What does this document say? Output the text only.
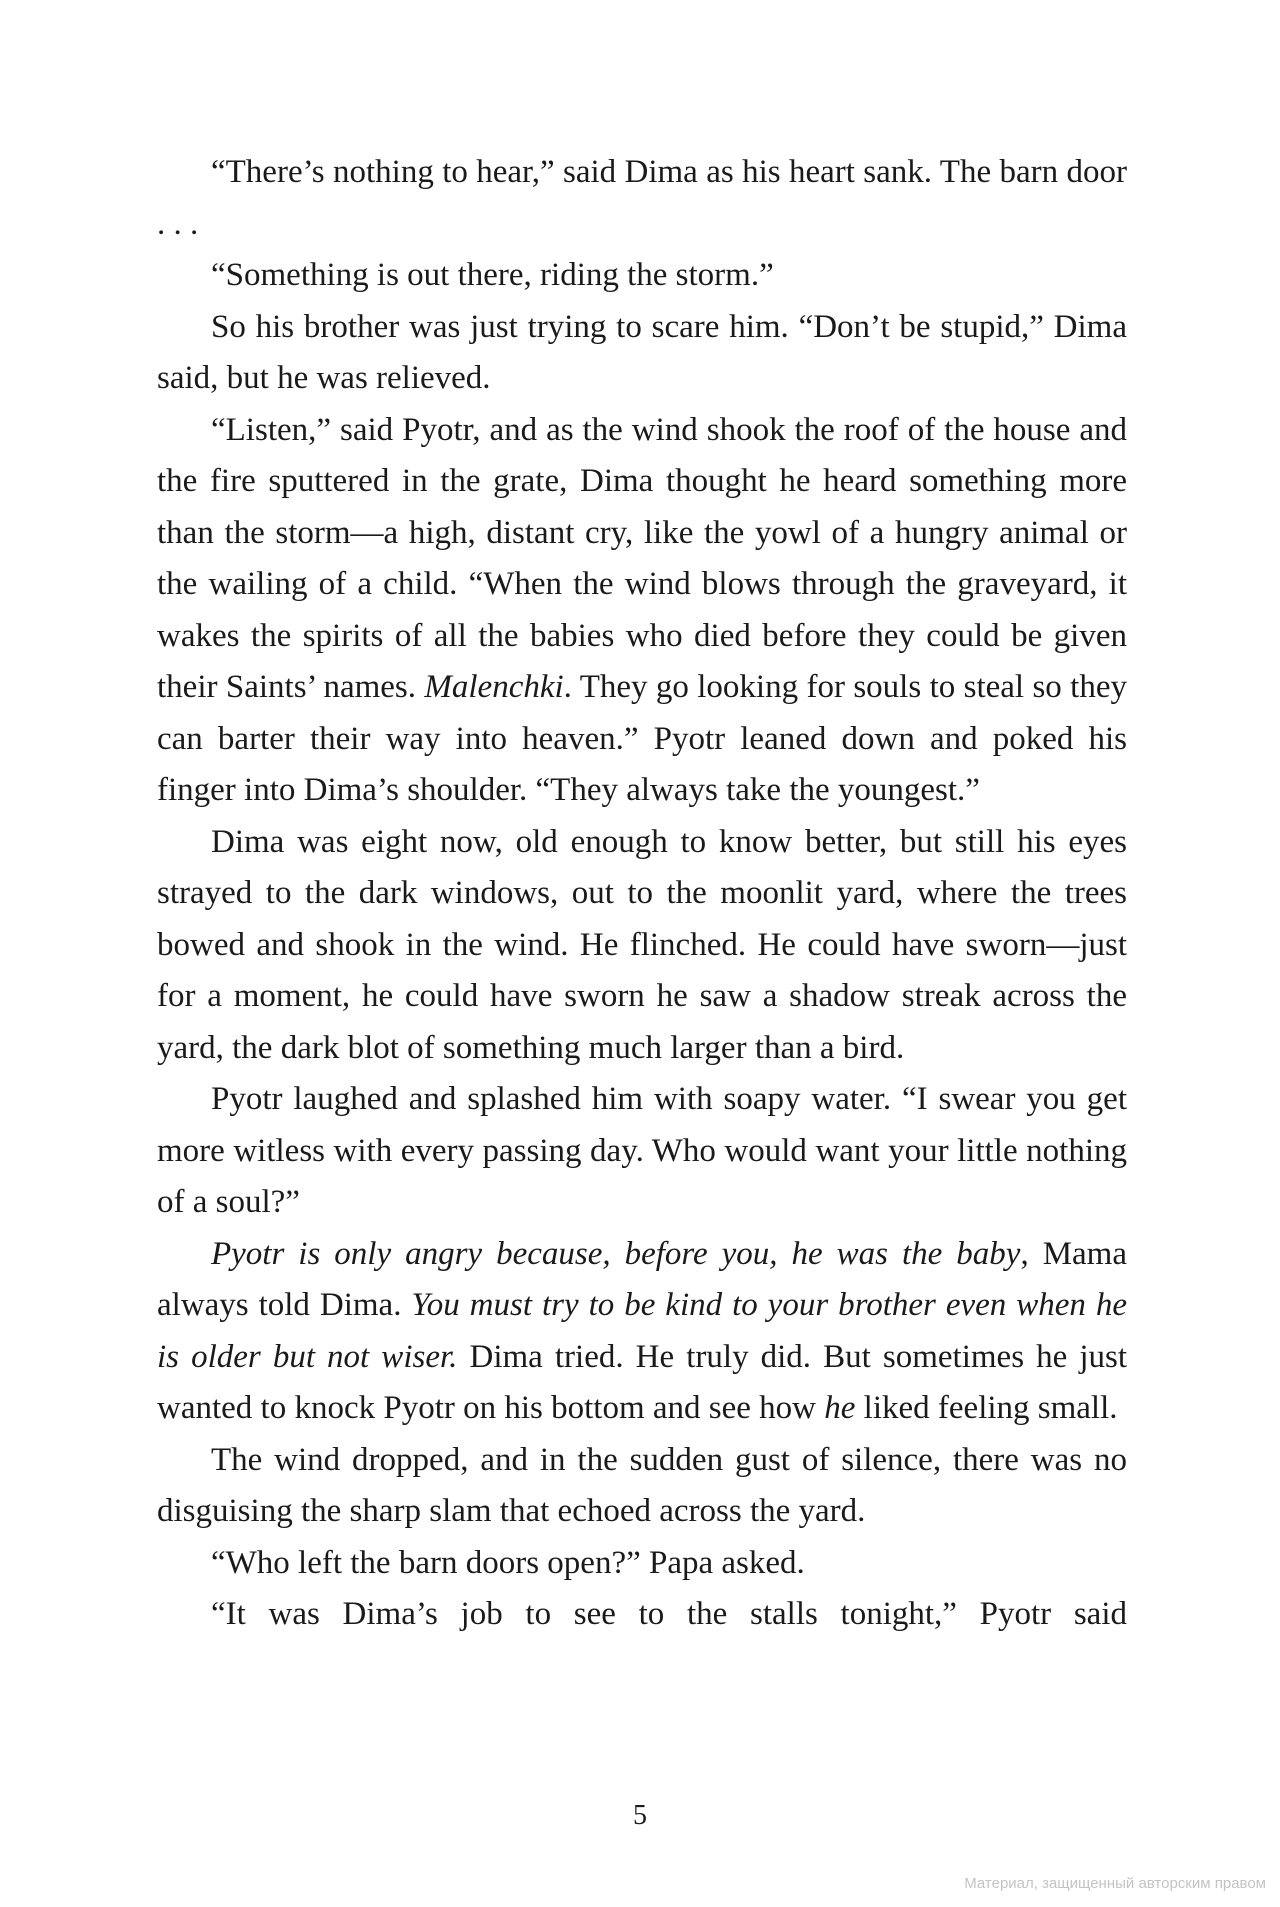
“There’s nothing to hear,” said Dima as his heart sank. The barn door . . .

“Something is out there, riding the storm.”

So his brother was just trying to scare him. “Don’t be stupid,” Dima said, but he was relieved.

“Listen,” said Pyotr, and as the wind shook the roof of the house and the fire sputtered in the grate, Dima thought he heard something more than the storm—a high, distant cry, like the yowl of a hungry animal or the wailing of a child. “When the wind blows through the graveyard, it wakes the spirits of all the babies who died before they could be given their Saints’ names. Malenchki. They go looking for souls to steal so they can barter their way into heaven.” Pyotr leaned down and poked his finger into Dima’s shoulder. “They always take the youngest.”

Dima was eight now, old enough to know better, but still his eyes strayed to the dark windows, out to the moonlit yard, where the trees bowed and shook in the wind. He flinched. He could have sworn—just for a moment, he could have sworn he saw a shadow streak across the yard, the dark blot of something much larger than a bird.

Pyotr laughed and splashed him with soapy water. “I swear you get more witless with every passing day. Who would want your little nothing of a soul?”

Pyotr is only angry because, before you, he was the baby, Mama always told Dima. You must try to be kind to your brother even when he is older but not wiser. Dima tried. He truly did. But sometimes he just wanted to knock Pyotr on his bottom and see how he liked feeling small.

The wind dropped, and in the sudden gust of silence, there was no disguising the sharp slam that echoed across the yard.

“Who left the barn doors open?” Papa asked.

“It was Dima’s job to see to the stalls tonight,” Pyotr said

5
Материал, защищенный авторским правом
